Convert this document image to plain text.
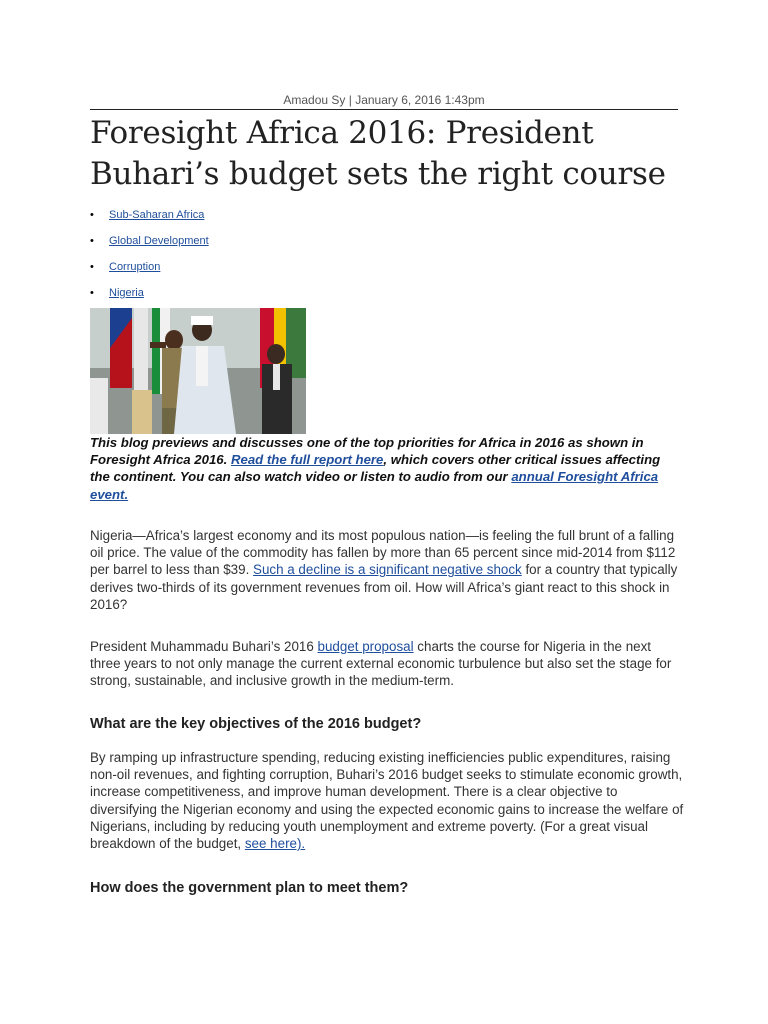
Amadou Sy | January 6, 2016 1:43pm
Foresight Africa 2016: President
Buhari’s budget sets the right course
• Sub-Saharan Africa
• Global Development
• Corruption
• Nigeria

This blog previews and discusses one of the top priorities for Africa in 2016 as shown in Foresight Africa 2016. Read the full report here, which covers other critical issues affecting the continent. You can also watch video or listen to audio from our annual Foresight Africa event.

Nigeria—Africa’s largest economy and its most populous nation—is feeling the full brunt of a falling oil price. The value of the commodity has fallen by more than 65 percent since mid-2014 from $112 per barrel to less than $39. Such a decline is a significant negative shock for a country that typically derives two-thirds of its government revenues from oil. How will Africa’s giant react to this shock in 2016?

President Muhammadu Buhari’s 2016 budget proposal charts the course for Nigeria in the next three years to not only manage the current external economic turbulence but also set the stage for strong, sustainable, and inclusive growth in the medium-term.

What are the key objectives of the 2016 budget?

By ramping up infrastructure spending, reducing existing inefficiencies public expenditures, raising non-oil revenues, and fighting corruption, Buhari’s 2016 budget seeks to stimulate economic growth, increase competitiveness, and improve human development. There is a clear objective to diversifying the Nigerian economy and using the expected economic gains to increase the welfare of Nigerians, including by reducing youth unemployment and extreme poverty. (For a great visual breakdown of the budget, see here).

How does the government plan to meet them?
